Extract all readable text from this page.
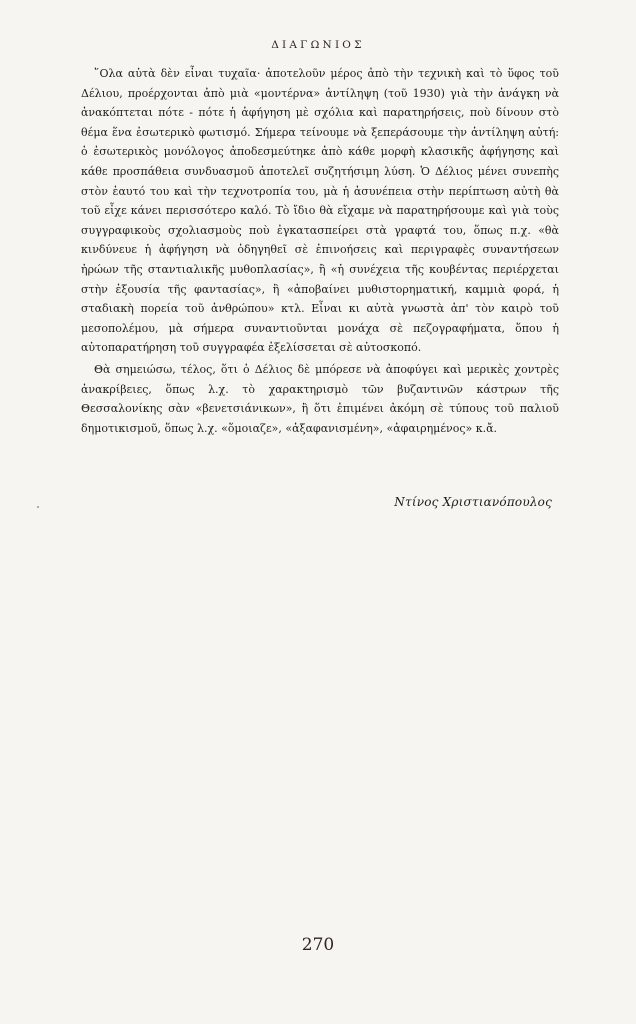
ΔΙΑΓΩΝΙΟΣ

῞Ολα αὐτὰ δὲν εἶναι τυχαῖα· ἀποτελοῦν μέρος ἀπὸ τὴν τεχνικὴ καὶ τὸ ὕφος τοῦ Δέλιου, προέρχονται ἀπὸ μιὰ «μοντέρνα» ἀντίληψη (τοῦ 1930) γιὰ τὴν ἀνάγκη νὰ ἀνακόπτεται πότε - πότε ἡ ἀφήγηση μὲ σχόλια καὶ παρατηρήσεις, ποὺ δίνουν στὸ θέμα ἕνα ἐσωτερικὸ φωτισμό. Σήμερα τείνουμε νὰ ξεπεράσουμε τὴν ἀντίληψη αὐτή: ὁ ἐσωτερικὸς μονόλογος ἀποδεσμεύτηκε ἀπὸ κάθε μορφὴ κλασικῆς ἀφήγησης καὶ κάθε προσπάθεια συνδυασμοῦ ἀποτελεῖ συζητήσιμη λύση. Ὁ Δέλιος μένει συνεπὴς στὸν ἑαυτό του καὶ τὴν τεχνοτροπία του, μὰ ἡ ἀσυνέπεια στὴν περίπτωση αὐτὴ θὰ τοῦ εἶχε κάνει περισσότερο καλό. Τὸ ἴδιο θὰ εἴχαμε νὰ παρατηρήσουμε καὶ γιὰ τοὺς συγγραφικοὺς σχολιασμοὺς ποὺ ἐγκατασπείρει στὰ γραφτά του, ὅπως π.χ. «θὰ κινδύνευε ἡ ἀφήγηση νὰ ὀδηγηθεῖ σὲ ἐπινοήσεις καὶ περιγραφὲς συναντήσεων ἡρώων τῆς σταντιαλικῆς μυθοπλασίας», ἢ «ἡ συνέχεια τῆς κουβέντας περιέρχεται στὴν ἐξουσία τῆς φαντασίας», ἢ «ἀποβαίνει μυθιστορηματική, καμμιὰ φορά, ἡ σταδιακὴ πορεία τοῦ ἀνθρώπου» κτλ. Εἶναι κι αὐτὰ γνωστὰ ἀπ' τὸν καιρὸ τοῦ μεσοπολέμου, μὰ σήμερα συναντιοῦνται μονάχα σὲ πεζογραφήματα, ὅπου ἡ αὐτοπαρατήρηση τοῦ συγγραφέα ἐξελίσσεται σὲ αὐτοσκοπό.

Θὰ σημειώσω, τέλος, ὅτι ὁ Δέλιος δὲ μπόρεσε νὰ ἀποφύγει καὶ μερικὲς χοντρὲς ἀνακρίβειες, ὅπως λ.χ. τὸ χαρακτηρισμὸ τῶν βυζαντινῶν κάστρων τῆς Θεσσαλονίκης σὰν «βενετσιάνικων», ἢ ὅτι ἐπιμένει ἀκόμη σὲ τύπους τοῦ παλιοῦ δημοτικισμοῦ, ὅπως λ.χ. «ὅμοιαζε», «ἀξαφανισμένη», «ἀφαιρημένος» κ.ἄ.

Ντίνος Χριστιανόπουλος
270
